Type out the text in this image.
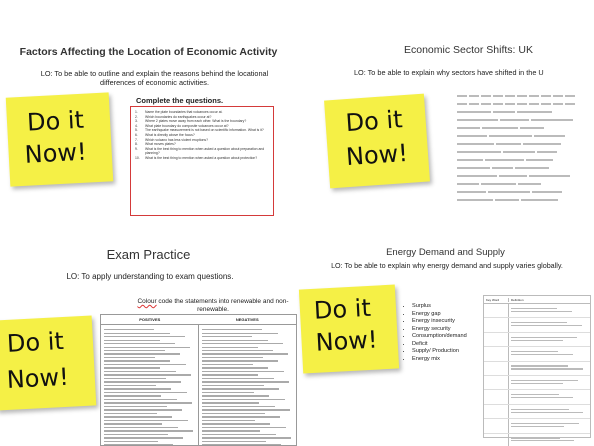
Factors Affecting the Location of Economic Activity
LO: To be able to outline and explain the reasons behind the locational differences of economic activities.
Do it
Now!
Complete the questions.
1.	Name the plate boundaries that volcanoes occur at.
2.	Which boundaries do earthquakes occur at?
3.	Where 2 plates move away from each other. What is the boundary?
4.	What plate boundary do composite volcanoes occur at?
5.	The earthquake measurement is not based on scientific information. What is it?
6.	What is directly above the focus?
7.	Which volcano has less violent eruptions?
8.	What moves plates?
9.	What is the best thing to mention when asked a question about preparation and planning?
10.	What is the best thing to mention when asked a question about protection?
Economic Sector Shifts: UK
LO: To be able to explain why sectors have shifted in the U
Do it
Now!
Exam Practice
LO: To apply understanding to exam questions.
Do it
Now!
Colour code the statements into renewable and non-renewable.
POSITIVES	NEGATIVES
Energy Demand and Supply
LO: To be able to explain why energy demand and supply varies globally.
Do it
Now!
• Surplus
• Energy gap
• Energy insecurity
• Energy security
• Consumption/demand
• Deficit
• Supply/ Production
• Energy mix
Key Word	Definition
